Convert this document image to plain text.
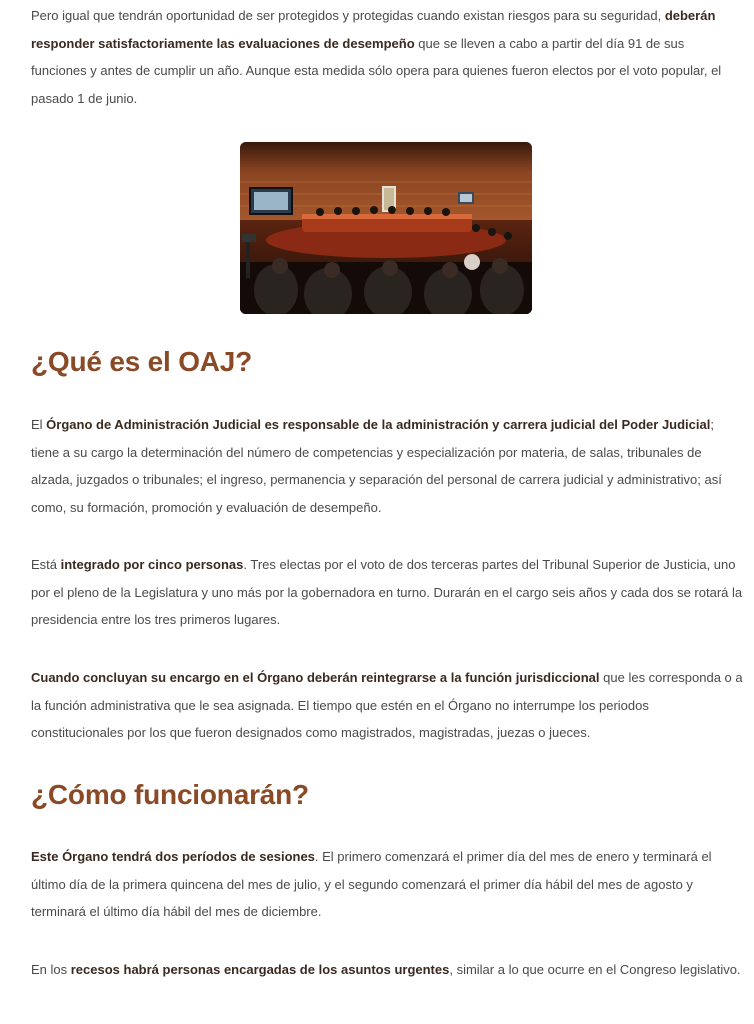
Pero igual que tendrán oportunidad de ser protegidos y protegidas cuando existan riesgos para su seguridad, deberán responder satisfactoriamente las evaluaciones de desempeño que se lleven a cabo a partir del día 91 de sus funciones y antes de cumplir un año. Aunque esta medida sólo opera para quienes fueron electos por el voto popular, el pasado 1 de junio.

¿Qué es el OAJ?

El Órgano de Administración Judicial es responsable de la administración y carrera judicial del Poder Judicial; tiene a su cargo la determinación del número de competencias y especialización por materia, de salas, tribunales de alzada, juzgados o tribunales; el ingreso, permanencia y separación del personal de carrera judicial y administrativo; así como, su formación, promoción y evaluación de desempeño.

Está integrado por cinco personas. Tres electas por el voto de dos terceras partes del Tribunal Superior de Justicia, uno por el pleno de la Legislatura y uno más por la gobernadora en turno. Durarán en el cargo seis años y cada dos se rotará la presidencia entre los tres primeros lugares.

Cuando concluyan su encargo en el Órgano deberán reintegrarse a la función jurisdiccional que les corresponda o a la función administrativa que le sea asignada. El tiempo que estén en el Órgano no interrumpe los periodos constitucionales por los que fueron designados como magistrados, magistradas, juezas o jueces.

¿Cómo funcionarán?

Este Órgano tendrá dos períodos de sesiones. El primero comenzará el primer día del mes de enero y terminará el último día de la primera quincena del mes de julio, y el segundo comenzará el primer día hábil del mes de agosto y terminará el último día hábil del mes de diciembre.

En los recesos habrá personas encargadas de los asuntos urgentes, similar a lo que ocurre en el Congreso legislativo.
